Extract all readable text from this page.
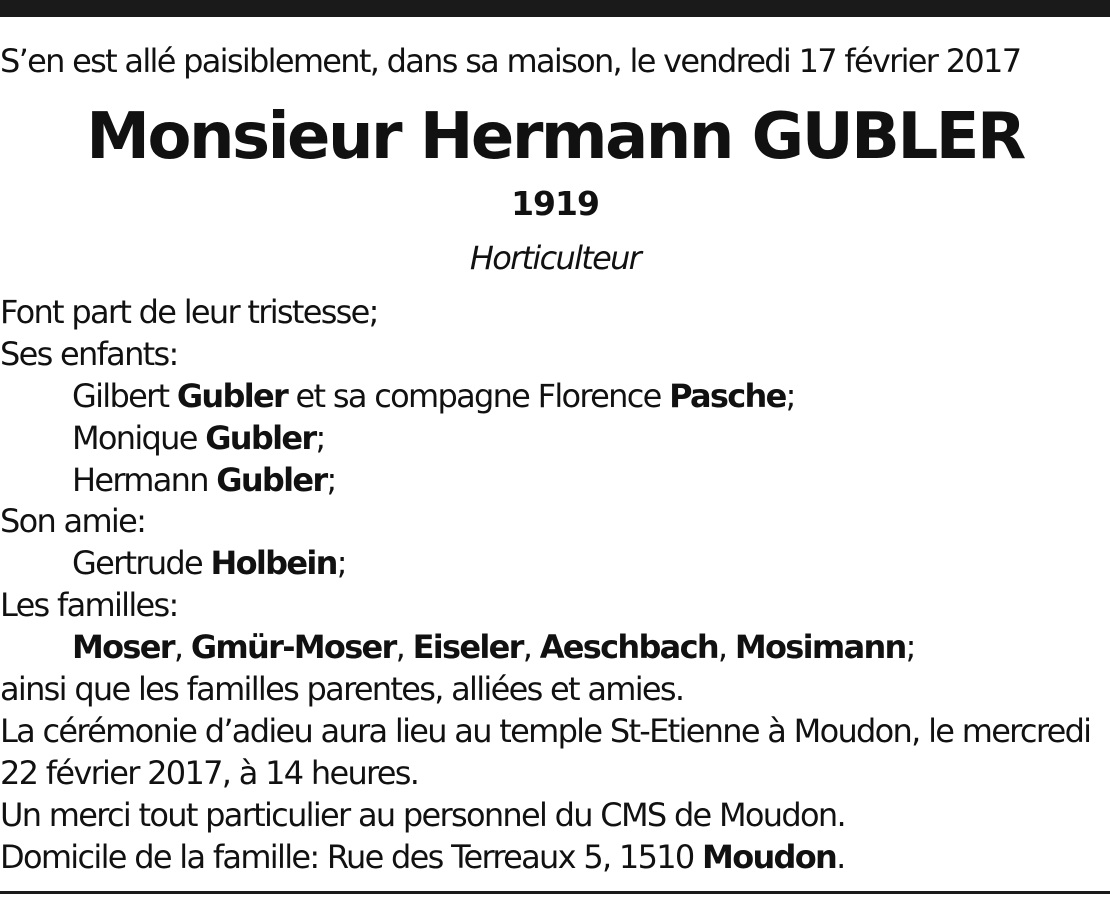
S’en est allé paisiblement, dans sa maison, le vendredi 17 février 2017
Monsieur Hermann GUBLER
1919
Horticulteur
Font part de leur tristesse;
Ses enfants:
Gilbert Gubler et sa compagne Florence Pasche;
Monique Gubler;
Hermann Gubler;
Son amie:
Gertrude Holbein;
Les familles:
Moser, Gmür-Moser, Eiseler, Aeschbach, Mosimann;
ainsi que les familles parentes, alliées et amies.
La cérémonie d’adieu aura lieu au temple St-Etienne à Moudon, le mercredi
22 février 2017, à 14 heures.
Un merci tout particulier au personnel du CMS de Moudon.
Domicile de la famille: Rue des Terreaux 5, 1510 Moudon.
